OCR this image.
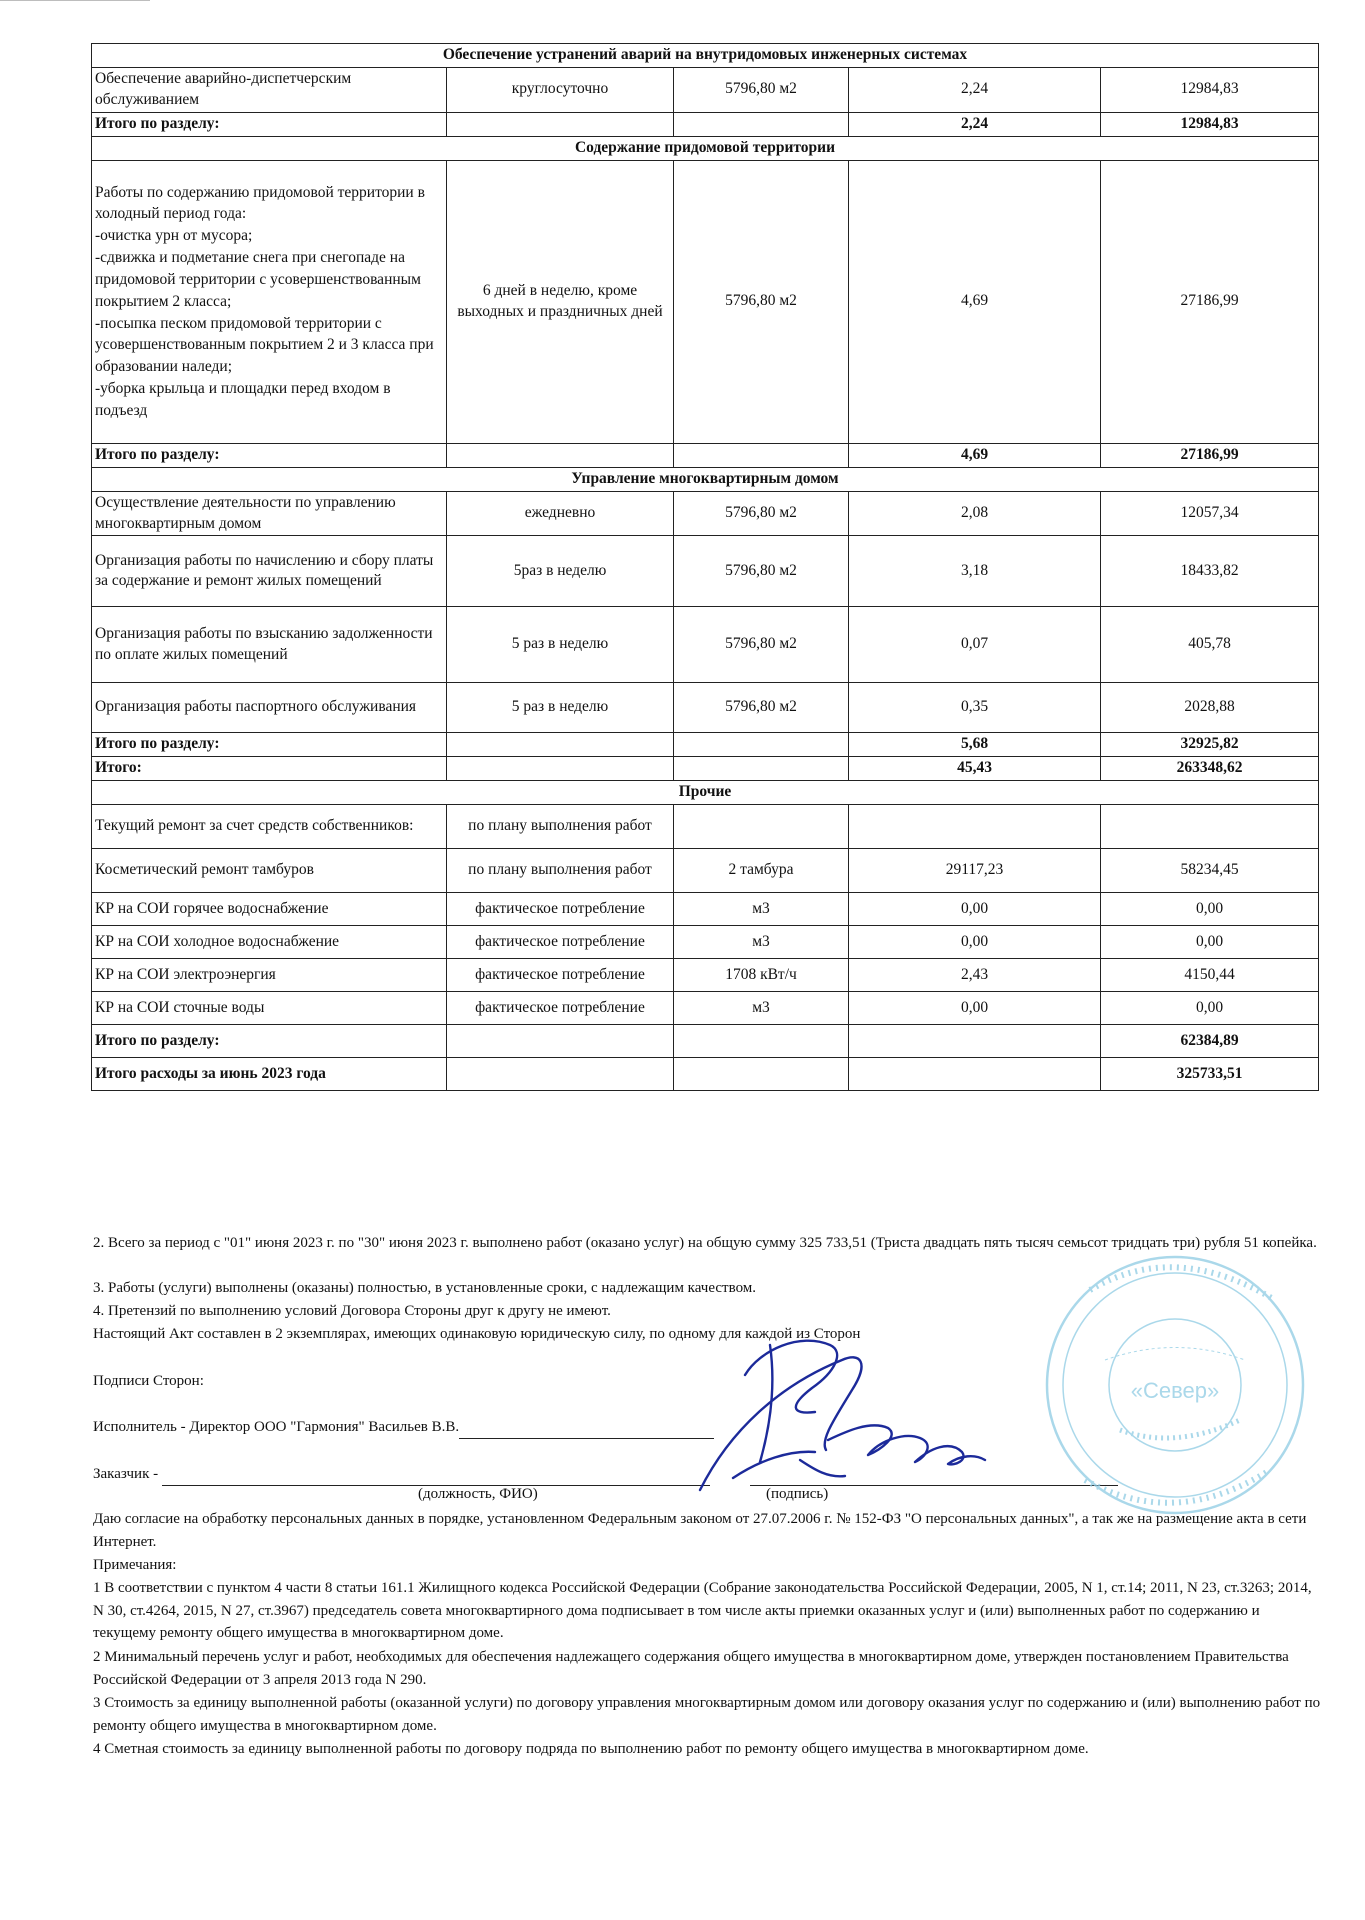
Обеспечение устранений аварий на внутридомовых инженерных системах				
Обеспечение аварийно-диспетчерским обслуживанием	круглосуточно	5796,80 м2	2,24	12984,83
Итого по разделу:			2,24	12984,83
Содержание придомовой территории				
Работы по содержанию придомовой территории в холодный период года:
-очистка урн от мусора;
-сдвижка и подметание снега при снегопаде на придомовой территории с усовершенствованным покрытием 2 класса;
-посыпка песком придомовой территории с усовершенствованным покрытием 2 и 3 класса при образовании наледи;
-уборка крыльца и площадки перед входом в подъезд	6 дней в неделю, кроме выходных и праздничных дней	5796,80 м2	4,69	27186,99
Итого по разделу:			4,69	27186,99
Управление многоквартирным домом				
Осуществление деятельности по управлению многоквартирным домом	ежедневно	5796,80 м2	2,08	12057,34
Организация работы по начислению и сбору платы за содержание и ремонт жилых помещений	5раз в неделю	5796,80 м2	3,18	18433,82
Организация работы по взысканию задолженности по оплате жилых помещений	5 раз в неделю	5796,80 м2	0,07	405,78
Организация работы паспортного обслуживания	5 раз в неделю	5796,80 м2	0,35	2028,88
Итого по разделу:			5,68	32925,82
Итого:			45,43	263348,62
Прочие				
Текущий ремонт за счет средств собственников:	по плану выполнения работ			
Косметический ремонт тамбуров	по плану выполнения работ	2 тамбура	29117,23	58234,45
КР на СОИ горячее водоснабжение	фактическое потребление	м3	0,00	0,00
КР на СОИ холодное водоснабжение	фактическое потребление	м3	0,00	0,00
КР на СОИ электроэнергия	фактическое потребление	1708 кВт/ч	2,43	4150,44
КР на СОИ сточные воды	фактическое потребление	м3	0,00	0,00
Итого по разделу:				62384,89
Итого расходы за июнь 2023 года				325733,51
2. Всего за период с "01" июня 2023 г. по "30" июня 2023 г. выполнено работ (оказано услуг) на общую сумму 325 733,51 (Триста двадцать пять тысяч семьсот тридцать три) рубля 51 копейка.
3. Работы (услуги) выполнены (оказаны) полностью, в установленные сроки, с надлежащим качеством.
4. Претензий по выполнению условий Договора Стороны друг к другу не имеют.
Настоящий Акт составлен в 2 экземплярах, имеющих одинаковую юридическую силу, по одному для каждой из Сторон
Подписи Сторон:
Исполнитель - Директор ООО "Гармония" Васильев В.В.
Заказчик -
(должность, ФИО)	(подпись)
Даю согласие на обработку персональных данных в порядке, установленном Федеральным законом от 27.07.2006 г. № 152-ФЗ "О персональных данных", а так же на размещение акта в сети Интернет.
Примечания:
1 В соответствии с пунктом 4 части 8 статьи 161.1 Жилищного кодекса Российской Федерации (Собрание законодательства Российской Федерации, 2005, N 1, ст.14; 2011, N 23, ст.3263; 2014, N 30, ст.4264, 2015, N 27, ст.3967) председатель совета многоквартирного дома подписывает в том числе акты приемки оказанных услуг и (или) выполненных работ по содержанию и текущему ремонту общего имущества в многоквартирном доме.
2 Минимальный перечень услуг и работ, необходимых для обеспечения надлежащего содержания общего имущества в многоквартирном доме, утвержден постановлением Правительства Российской Федерации от 3 апреля 2013 года N 290.
3 Стоимость за единицу выполненной работы (оказанной услуги) по договору управления многоквартирным домом или договору оказания услуг по содержанию и (или) выполнению работ по ремонту общего имущества в многоквартирном доме.
4 Сметная стоимость за единицу выполненной работы по договору подряда по выполнению работ по ремонту общего имущества в многоквартирном доме.
«Север»
